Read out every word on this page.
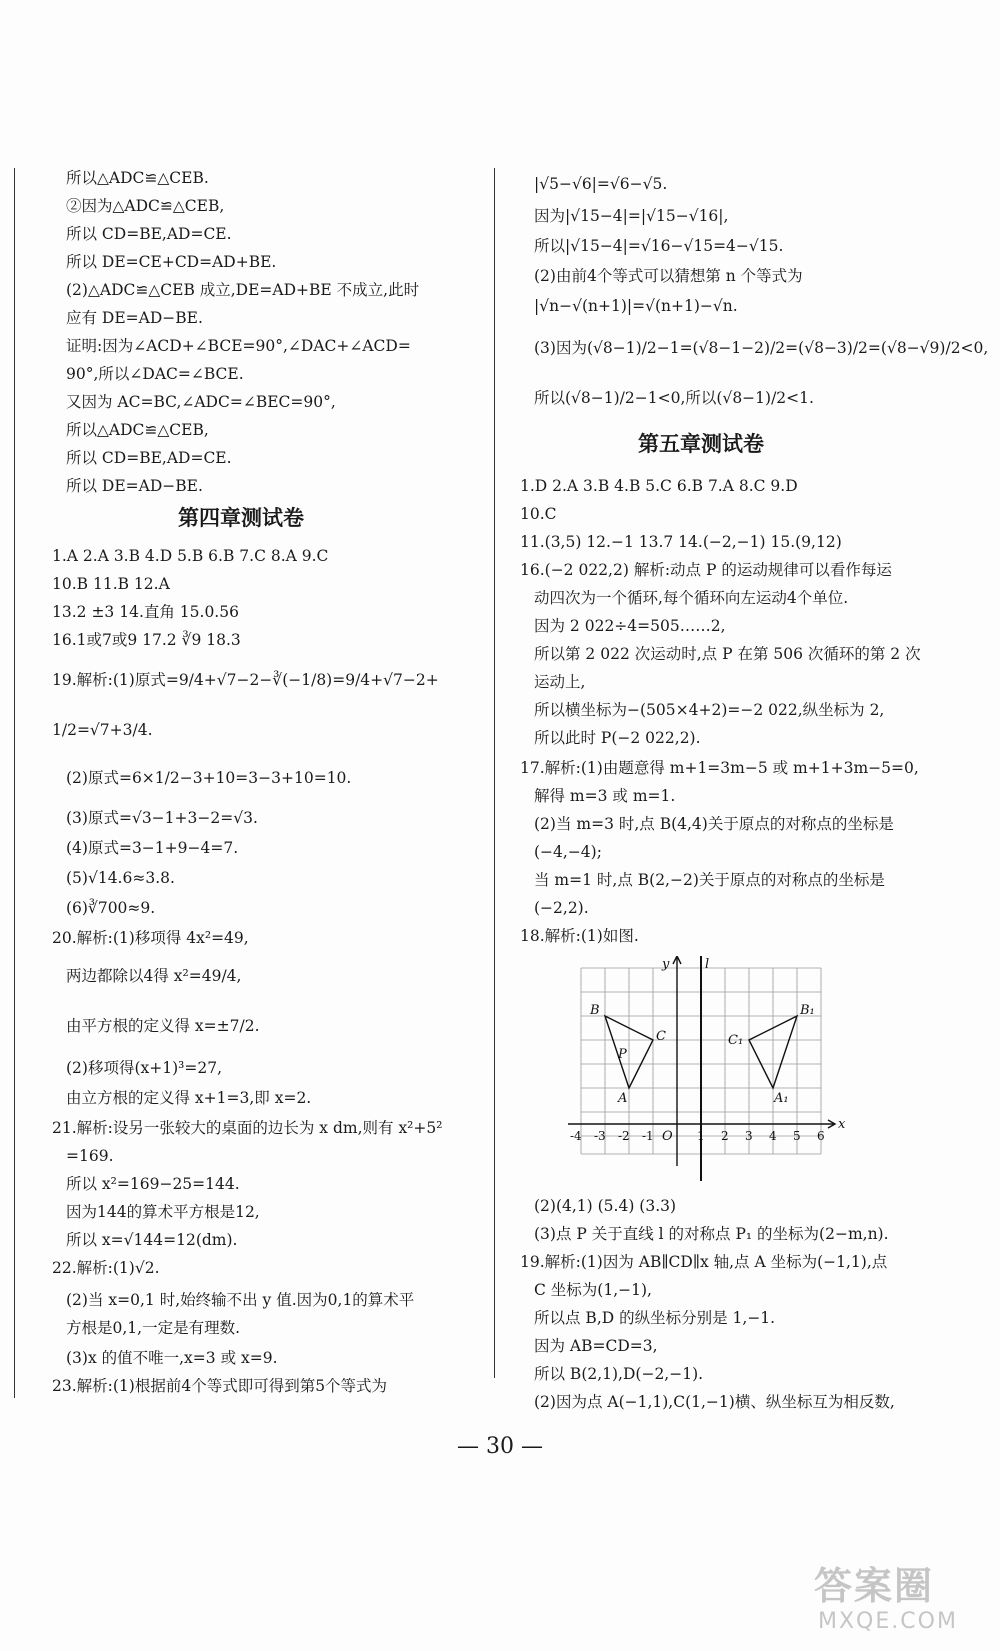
所以△ADC≌△CEB.
②因为△ADC≌△CEB,
所以 CD=BE,AD=CE.
所以 DE=CE+CD=AD+BE.
(2)△ADC≌△CEB 成立,DE=AD+BE 不成立,此时
应有 DE=AD−BE.
证明:因为∠ACD+∠BCE=90°,∠DAC+∠ACD=
90°,所以∠DAC=∠BCE.
又因为 AC=BC,∠ADC=∠BEC=90°,
所以△ADC≌△CEB,
所以 CD=BE,AD=CE.
所以 DE=AD−BE.
第四章测试卷
1.A 2.A 3.B 4.D 5.B 6.B 7.C 8.A 9.C
10.B 11.B 12.A
13.2 ±3 14.直角 15.0.56
16.1或7或9 17.2 ∛9 18.3
19.解析:(1)原式=9/4+√7−2−∛(−1/8)=9/4+√7−2+
1/2=√7+3/4.
(2)原式=6×1/2−3+10=3−3+10=10.
(3)原式=√3−1+3−2=√3.
(4)原式=3−1+9−4=7.
(5)√14.6≈3.8.
(6)∛700≈9.
20.解析:(1)移项得 4x²=49,
两边都除以4得 x²=49/4,
由平方根的定义得 x=±7/2.
(2)移项得(x+1)³=27,
由立方根的定义得 x+1=3,即 x=2.
21.解析:设另一张较大的桌面的边长为 x dm,则有 x²+5²
=169.
所以 x²=169−25=144.
因为144的算术平方根是12,
所以 x=√144=12(dm).
22.解析:(1)√2.
(2)当 x=0,1 时,始终输不出 y 值.因为0,1的算术平
方根是0,1,一定是有理数.
(3)x 的值不唯一,x=3 或 x=9.
23.解析:(1)根据前4个等式即可得到第5个等式为
|√5−√6|=√6−√5.
因为|√15−4|=|√15−√16|,
所以|√15−4|=√16−√15=4−√15.
(2)由前4个等式可以猜想第 n 个等式为
|√n−√(n+1)|=√(n+1)−√n.
(3)因为(√8−1)/2−1=(√8−1−2)/2=(√8−3)/2=(√8−√9)/2<0,
所以(√8−1)/2−1<0,所以(√8−1)/2<1.
第五章测试卷
1.D 2.A 3.B 4.B 5.C 6.B 7.A 8.C 9.D
10.C
11.(3,5) 12.−1 13.7 14.(−2,−1) 15.(9,12)
16.(−2 022,2) 解析:动点 P 的运动规律可以看作每运
动四次为一个循环,每个循环向左运动4个单位.
因为 2 022÷4=505……2,
所以第 2 022 次运动时,点 P 在第 506 次循环的第 2 次
运动上,
所以横坐标为−(505×4+2)=−2 022,纵坐标为 2,
所以此时 P(−2 022,2).
17.解析:(1)由题意得 m+1=3m−5 或 m+1+3m−5=0,
解得 m=3 或 m=1.
(2)当 m=3 时,点 B(4,4)关于原点的对称点的坐标是
(−4,−4);
当 m=1 时,点 B(2,−2)关于原点的对称点的坐标是
(−2,2).
18.解析:(1)如图.
y	l
x
O
B
C
P
A
B₁
C₁
A₁
-4 -3 -2 -1	1 2 3 4 5 6
(2)(4,1) (5.4) (3.3)
(3)点 P 关于直线 l 的对称点 P₁ 的坐标为(2−m,n).
19.解析:(1)因为 AB∥CD∥x 轴,点 A 坐标为(−1,1),点
C 坐标为(1,−1),
所以点 B,D 的纵坐标分别是 1,−1.
因为 AB=CD=3,
所以 B(2,1),D(−2,−1).
(2)因为点 A(−1,1),C(1,−1)横、纵坐标互为相反数,
— 30 —
答案圈
MXQE.COM
